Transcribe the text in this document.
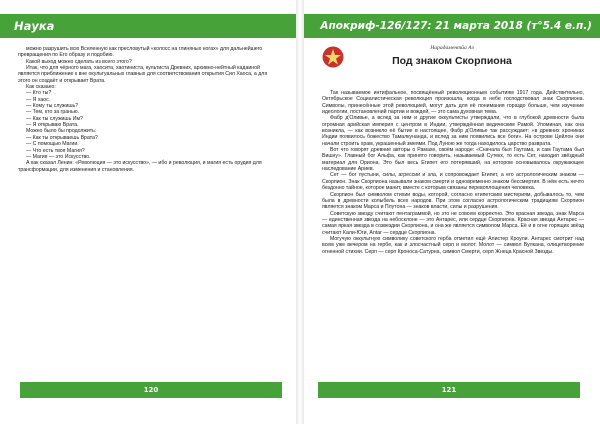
Наука

можно разрушить всю Вселенную как пресловутый «колосс на глиняных ногах» для дальнейшего превращения по Его образу и подобию.

Какой выход можно сделать из всего этого?

Итак, что для чёрного мага, хаосита, хаотиниста, культиста Древних, архивно-нейтный кадаиной является приближение к вне окультуальных главных для соответствования открытия Сил Хаоса, а для этого он создаёт и открывает Врата.

Как сказано:

— Кто ты?

— Я хаос.

— Кому ты служишь?

— Тем, кто за гранью.

— Как ты служишь Им?

— Я открываю Врата.

Можно было бы продолжить:

— Как ты открываешь Врата?

— С помощью Магии.

— Что есть твоя Магия?

— Магия — это Искусство.

А как сказал Ленин: «Революция — это искусство», — ибо и революция, и магия есть орудия для трансформации, для изменения и становления.

120
Апокриф-126/127: 21 марта 2018 (т°5.4 е.п.)
Нарадаментйа Аз
Под знаком Скорпиона

Так называемое интифальное, посвящённый революционным событиям 1917 года. Действительно, Октябрьское Социалистическая революция произошла, когда в небе господствовал знак Скорпиона. Символы, принесённые этой революцией, могут дать для её понимания гораздо больше, чем изучение идеологии, постановлений партии и вождей, — это сама духовная тема.

Фабр д'Оливье, а вслед за ним и другие оккультисты утверждали, что в глубокой древности была огромная арийская империя с центром в Индии, утверждённая ведическим Рамой. Упоминая, как она возникла, — как возникло её бытие в настоящее, Фабр д'Оливье так рассуждает: «в древних хрониках Индии появилось божество Тамалкунанда, и вслед за ним появились все боги». На острове Цейлон они начали строить храм, украшенный змеями. Под Луною же тогда находилось царство разврата.

Вот что говорят древние авторы о Рамахе, своём народе: «Сначала был Гаутама, и сам Гаутама был Вишну». Главный бог Альфа, как принято говорить, называемый Сутекх, то есть Сет, находил звёздный материал для Ориона. Это был весь Египет его потерявший, на котором основывалось окружающее наследование Ариев.

Сет — бог пустыни, силы, агрессии и зла, и сопровождает Египет, а его астрологическим знаком — Скорпион. Знак Скорпиона называли знаком смерти и одновременно знаком бессмертия. В нём есть нечто бездонно тайное, которое манит, вместе с которым связаны перевоплощения человека.

Скорпион был символом стихии воды, которой, согласно египетским мистериям, добывалось то, чем была в древности колыбель всех народов. При этом согласно астрологическим традициям Скорпион является знаком Марса и Плутона — знаков власти, силы и разрушения.

Советскую звезду считают пентаграммой, но это не совсем корректно. Это красная звезда, знак Марса — единственная звезда на небосклоне — это Антарес, или сердце Скорпиона. Красная звезда Антарес — самая яркая звезда в созвездии Скорпиона, и она же является символом Марса. Её и в огне горящих звёзд считают Кали-Юги, Antar — сердце Скорпиона.

Могучую оккультную символику советского герба отметил ещё Алистер Кроули. Антарес смотрит над всем уже вечером на гербе, как и злосчастный серп и молот. Молот — символ Вулкана, олицетворение огненной стихии. Серп — серп Кроноса-Сатурна, символ Смерти, серп Жнеца Красной Звезды.

121
